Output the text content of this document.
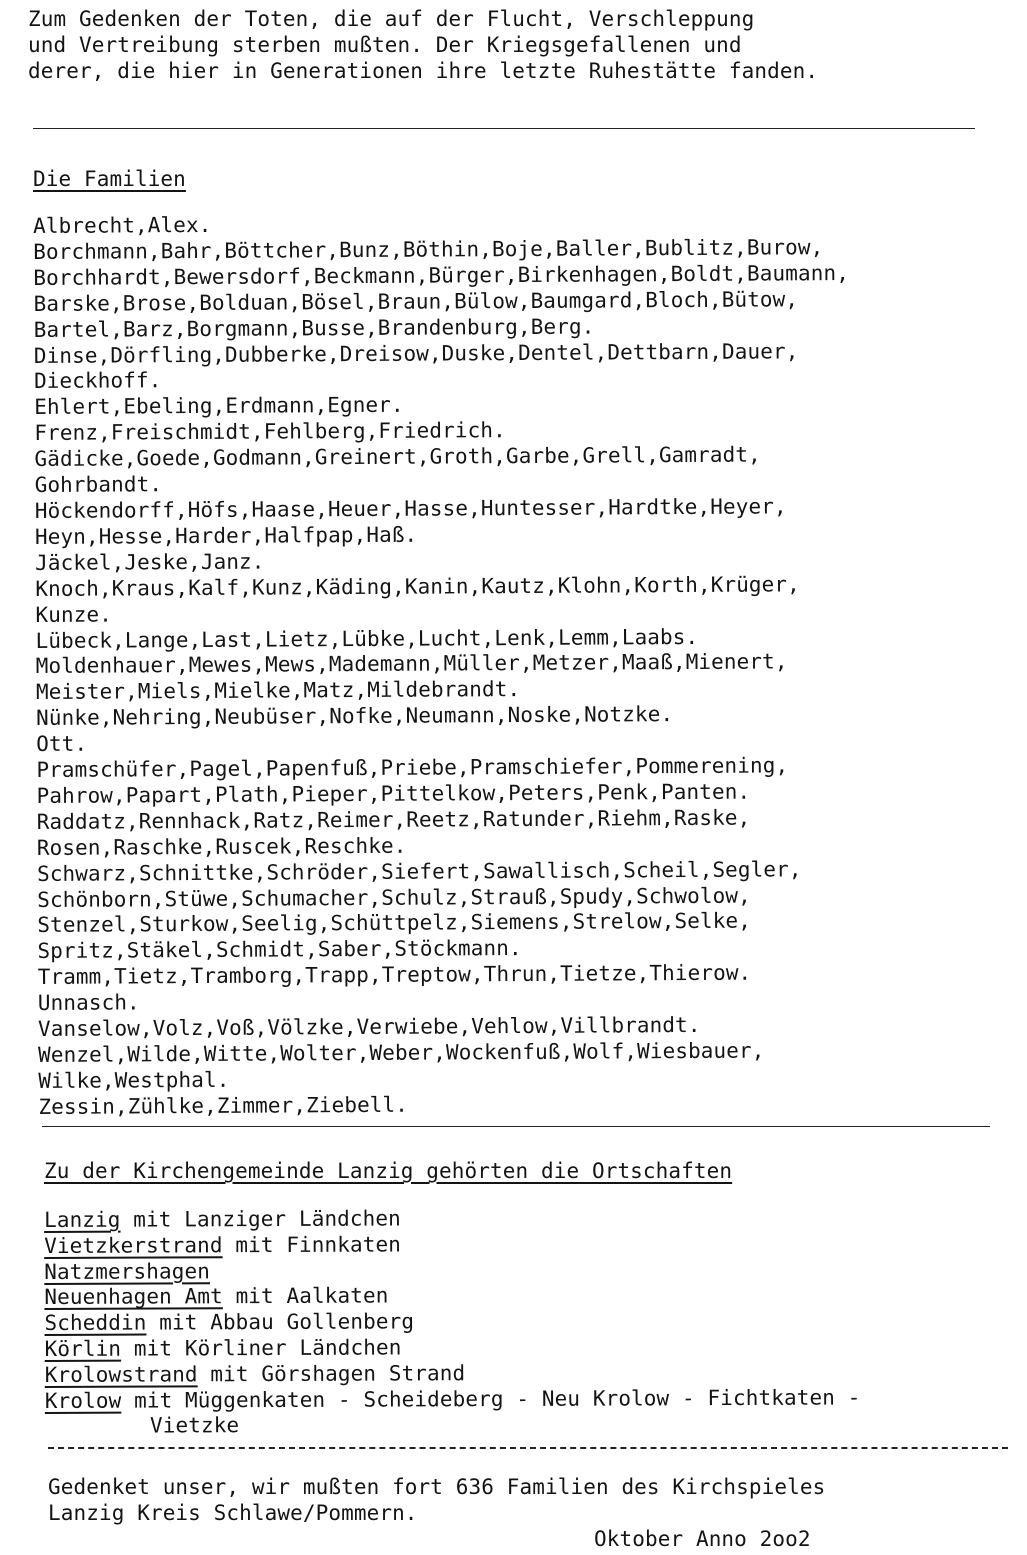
Zum Gedenken der Toten, die auf der Flucht, Verschleppung
und Vertreibung sterben mußten. Der Kriegsgefallenen und
derer, die hier in Generationen ihre letzte Ruhestätte fanden.
Die Familien
Albrecht,Alex.
Borchmann,Bahr,Böttcher,Bunz,Böthin,Boje,Baller,Bublitz,Burow,
Borchhardt,Bewersdorf,Beckmann,Bürger,Birkenhagen,Boldt,Baumann,
Barske,Brose,Bolduan,Bösel,Braun,Bülow,Baumgard,Bloch,Bütow,
Bartel,Barz,Borgmann,Busse,Brandenburg,Berg.
Dinse,Dörfling,Dubberke,Dreisow,Duske,Dentel,Dettbarn,Dauer,
Dieckhoff.
Ehlert,Ebeling,Erdmann,Egner.
Frenz,Freischmidt,Fehlberg,Friedrich.
Gädicke,Goede,Godmann,Greinert,Groth,Garbe,Grell,Gamradt,
Gohrbandt.
Höckendorff,Höfs,Haase,Heuer,Hasse,Huntesser,Hardtke,Heyer,
Heyn,Hesse,Harder,Halfpap,Haß.
Jäckel,Jeske,Janz.
Knoch,Kraus,Kalf,Kunz,Käding,Kanin,Kautz,Klohn,Korth,Krüger,
Kunze.
Lübeck,Lange,Last,Lietz,Lübke,Lucht,Lenk,Lemm,Laabs.
Moldenhauer,Mewes,Mews,Mademann,Müller,Metzer,Maaß,Mienert,
Meister,Miels,Mielke,Matz,Mildebrandt.
Nünke,Nehring,Neubüser,Nofke,Neumann,Noske,Notzke.
Ott.
Pramschüfer,Pagel,Papenfuß,Priebe,Pramschiefer,Pommerening,
Pahrow,Papart,Plath,Pieper,Pittelkow,Peters,Penk,Panten.
Raddatz,Rennhack,Ratz,Reimer,Reetz,Ratunder,Riehm,Raske,
Rosen,Raschke,Ruscek,Reschke.
Schwarz,Schnittke,Schröder,Siefert,Sawallisch,Scheil,Segler,
Schönborn,Stüwe,Schumacher,Schulz,Strauß,Spudy,Schwolow,
Stenzel,Sturkow,Seelig,Schüttpelz,Siemens,Strelow,Selke,
Spritz,Stäkel,Schmidt,Saber,Stöckmann.
Tramm,Tietz,Tramborg,Trapp,Treptow,Thrun,Tietze,Thierow.
Unnasch.
Vanselow,Volz,Voß,Völzke,Verwiebe,Vehlow,Villbrandt.
Wenzel,Wilde,Witte,Wolter,Weber,Wockenfuß,Wolf,Wiesbauer,
Wilke,Westphal.
Zessin,Zühlke,Zimmer,Ziebell.
Zu der Kirchengemeinde Lanzig gehörten die Ortschaften
Lanzig mit Lanziger Ländchen
Vietzkerstrand mit Finnkaten
Natzmershagen
Neuenhagen Amt mit Aalkaten
Scheddin mit Abbau Gollenberg
Körlin mit Körliner Ländchen
Krolowstrand mit Görshagen Strand
Krolow mit Müggenkaten - Scheideberg - Neu Krolow - Fichtkaten -
Vietzke
Gedenket unser, wir mußten fort 636 Familien des Kirchspieles
Lanzig Kreis Schlawe/Pommern.
Oktober Anno 2oo2
